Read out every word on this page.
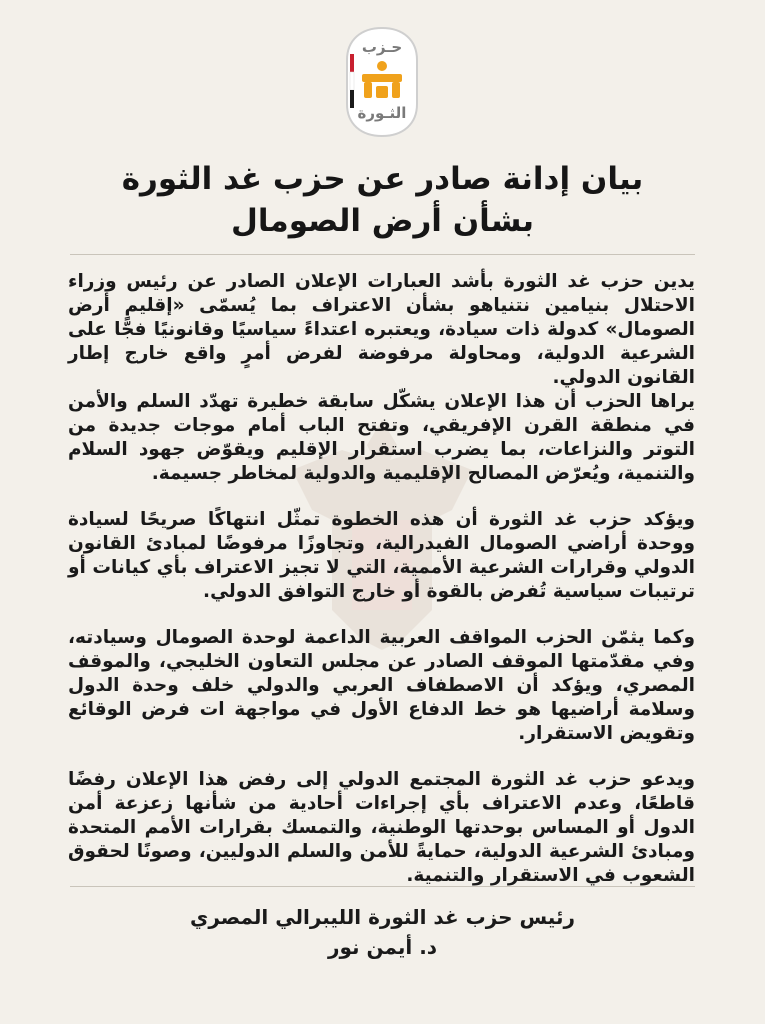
حـزب
الثـورة
بيان إدانة صادر عن حزب غد الثورة
بشأن أرض الصومال

يدين حزب غد الثورة بأشد العبارات الإعلان الصادر عن رئيس وزراء الاحتلال بنيامين نتنياهو بشأن الاعتراف بما يُسمّى «إقليم أرض الصومال» كدولة ذات سيادة، ويعتبره اعتداءً سياسيًا وقانونيًا فجًّا على الشرعية الدولية، ومحاولة مرفوضة لفرض أمرٍ واقع خارج إطار القانون الدولي.

يراها الحزب أن هذا الإعلان يشكّل سابقة خطيرة تهدّد السلم والأمن في منطقة القرن الإفريقي، وتفتح الباب أمام موجات جديدة من التوتر والنزاعات، بما يضرب استقرار الإقليم ويقوّض جهود السلام والتنمية، ويُعرّض المصالح الإقليمية والدولية لمخاطر جسيمة.

ويؤكد حزب غد الثورة أن هذه الخطوة تمثّل انتهاكًا صريحًا لسيادة ووحدة أراضي الصومال الفيدرالية، وتجاوزًا مرفوضًا لمبادئ القانون الدولي وقرارات الشرعية الأممية، التي لا تجيز الاعتراف بأي كيانات أو ترتيبات سياسية تُفرض بالقوة أو خارج التوافق الدولي.

وكما يثمّن الحزب المواقف العربية الداعمة لوحدة الصومال وسيادته، وفي مقدّمتها الموقف الصادر عن مجلس التعاون الخليجي، والموقف المصري، ويؤكد أن الاصطفاف العربي والدولي خلف وحدة الدول وسلامة أراضيها هو خط الدفاع الأول في مواجهة ات فرض الوقائع وتقويض الاستقرار.

ويدعو حزب غد الثورة المجتمع الدولي إلى رفض هذا الإعلان رفضًا قاطعًا، وعدم الاعتراف بأي إجراءات أحادية من شأنها زعزعة أمن الدول أو المساس بوحدتها الوطنية، والتمسك بقرارات الأمم المتحدة ومبادئ الشرعية الدولية، حمايةً للأمن والسلم الدوليين، وصونًا لحقوق الشعوب في الاستقرار والتنمية.

رئيس حزب غد الثورة الليبرالي المصري
د. أيمن نور
